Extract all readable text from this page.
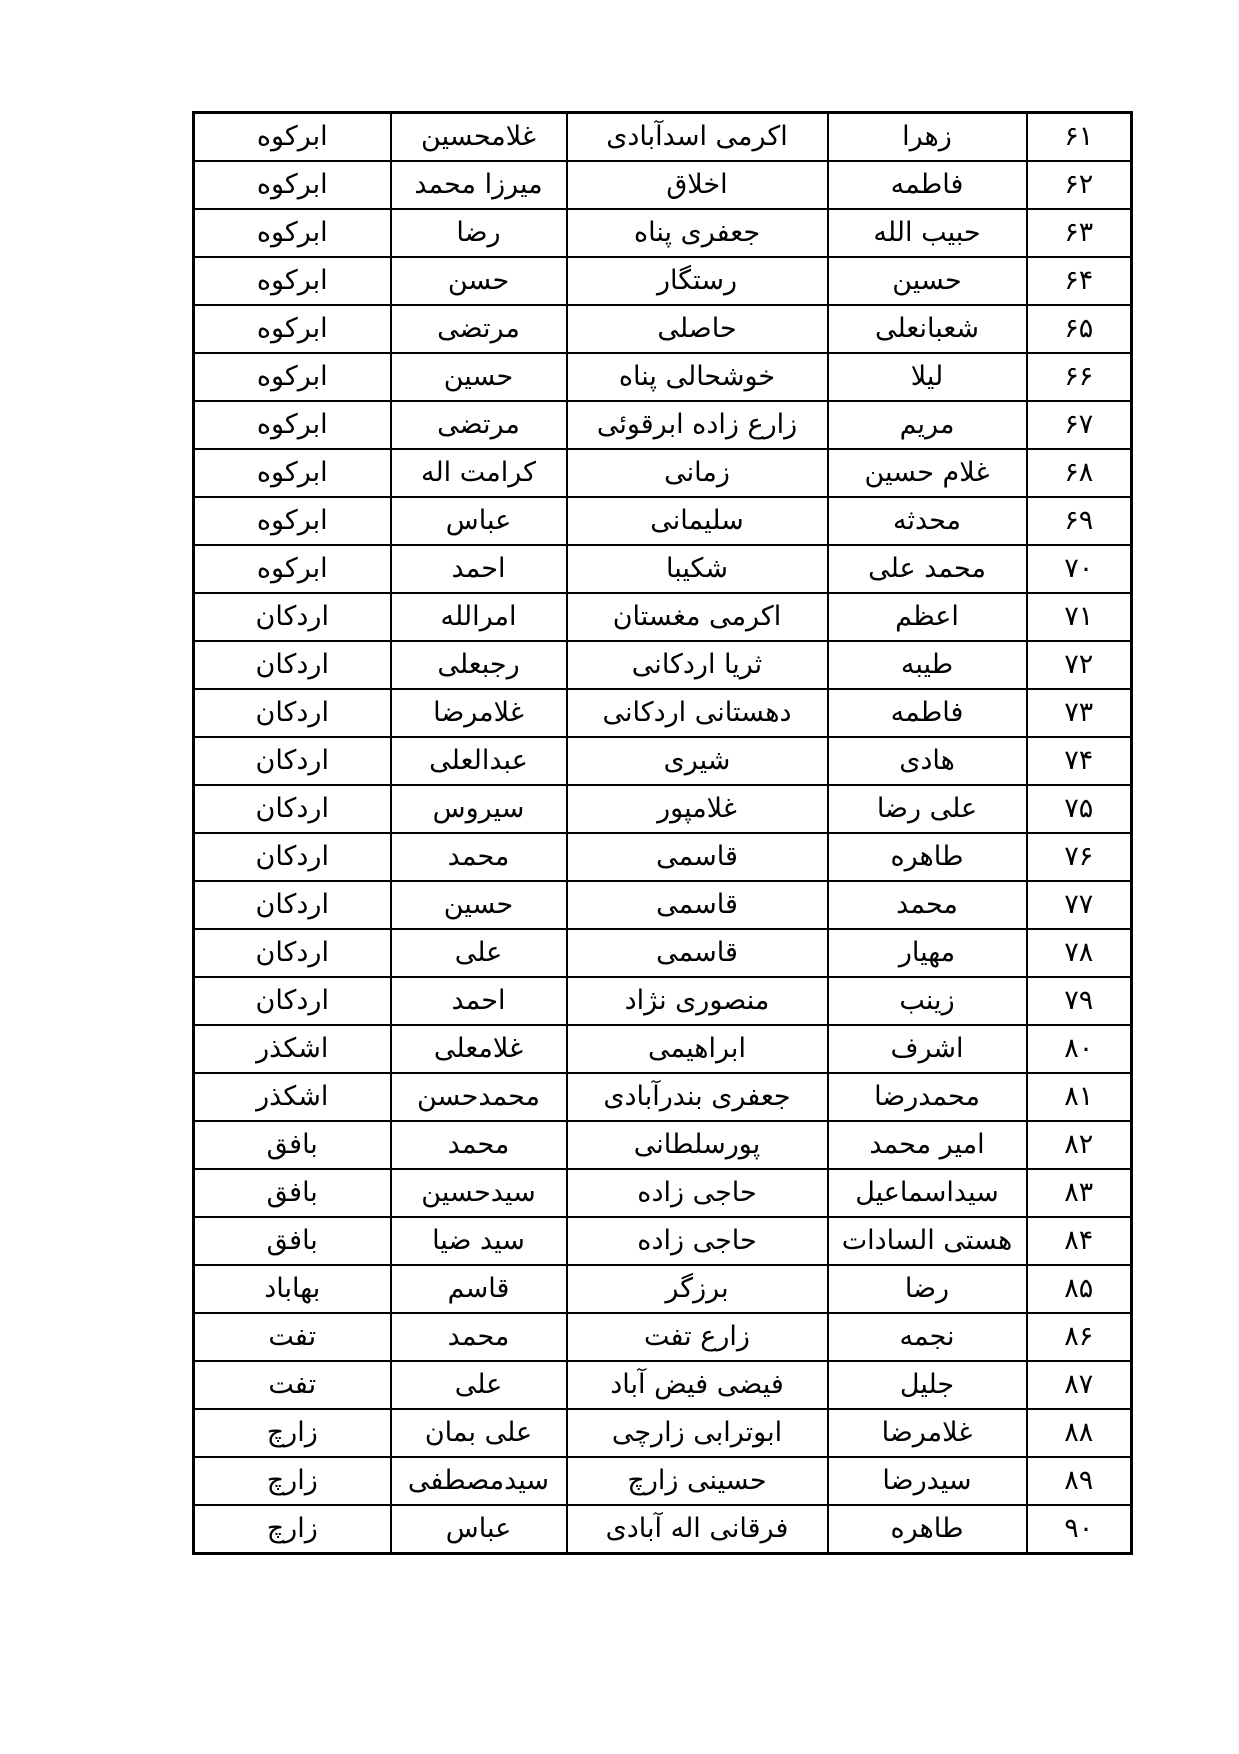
۶۱	زهرا	اکرمی اسدآبادی	غلامحسین	ابرکوه
۶۲	فاطمه	اخلاق	میرزا محمد	ابرکوه
۶۳	حبیب الله	جعفری پناه	رضا	ابرکوه
۶۴	حسین	رستگار	حسن	ابرکوه
۶۵	شعبانعلی	حاصلی	مرتضی	ابرکوه
۶۶	لیلا	خوشحالی پناه	حسین	ابرکوه
۶۷	مریم	زارع زاده ابرقوئی	مرتضی	ابرکوه
۶۸	غلام حسین	زمانی	کرامت اله	ابرکوه
۶۹	محدثه	سلیمانی	عباس	ابرکوه
۷۰	محمد علی	شکیبا	احمد	ابرکوه
۷۱	اعظم	اکرمی مغستان	امرالله	اردکان
۷۲	طیبه	ثریا اردکانی	رجبعلی	اردکان
۷۳	فاطمه	دهستانی اردکانی	غلامرضا	اردکان
۷۴	هادی	شیری	عبدالعلی	اردکان
۷۵	علی رضا	غلامپور	سیروس	اردکان
۷۶	طاهره	قاسمی	محمد	اردکان
۷۷	محمد	قاسمی	حسین	اردکان
۷۸	مهیار	قاسمی	علی	اردکان
۷۹	زینب	منصوری نژاد	احمد	اردکان
۸۰	اشرف	ابراهیمی	غلامعلی	اشکذر
۸۱	محمدرضا	جعفری بندرآبادی	محمدحسن	اشکذر
۸۲	امیر محمد	پورسلطانی	محمد	بافق
۸۳	سیداسماعیل	حاجی زاده	سیدحسین	بافق
۸۴	هستی السادات	حاجی زاده	سید ضیا	بافق
۸۵	رضا	برزگر	قاسم	بهاباد
۸۶	نجمه	زارع تفت	محمد	تفت
۸۷	جلیل	فیضی فیض آباد	علی	تفت
۸۸	غلامرضا	ابوترابی زارچی	علی بمان	زارچ
۸۹	سیدرضا	حسینی زارچ	سیدمصطفی	زارچ
۹۰	طاهره	فرقانی اله آبادی	عباس	زارچ
